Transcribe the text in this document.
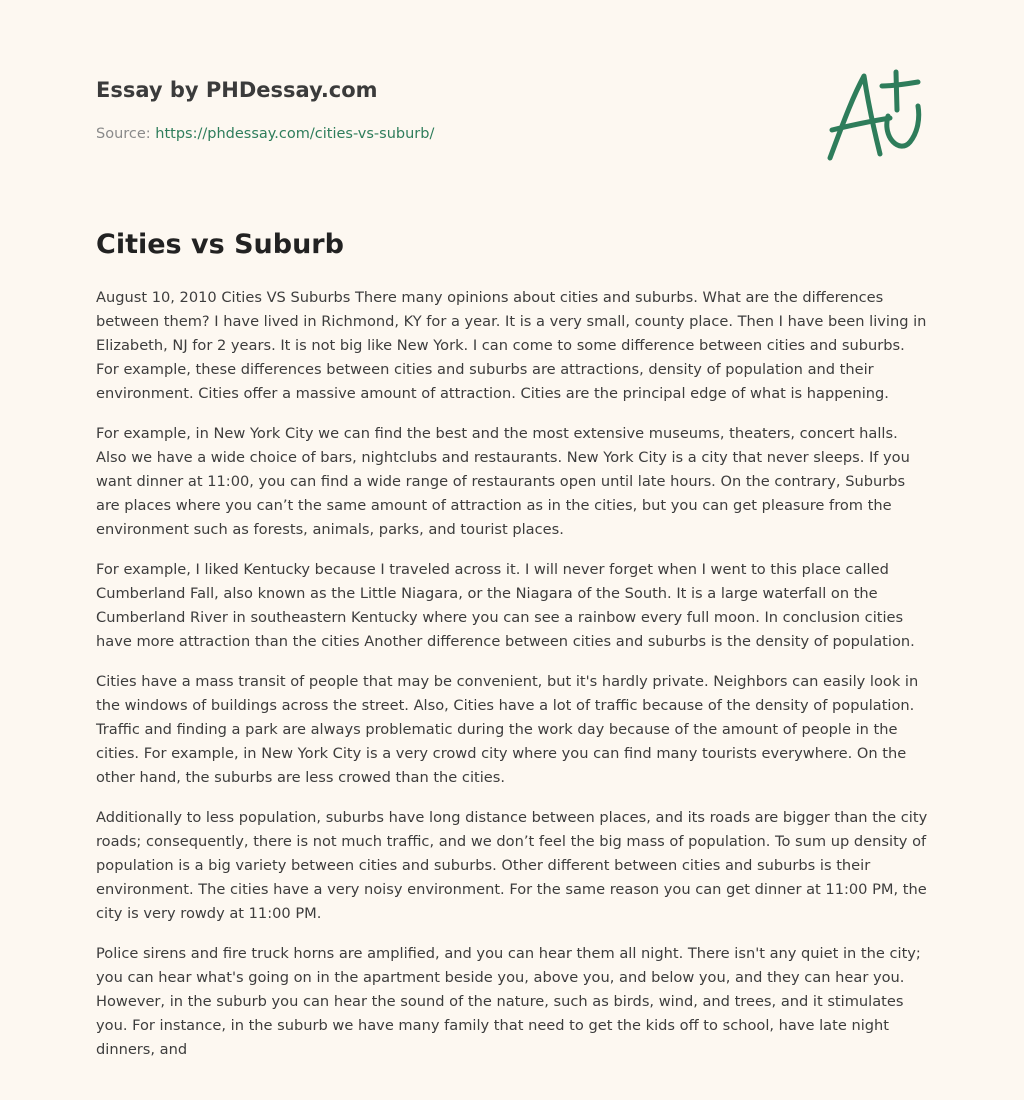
Essay by PHDessay.com
Source: https://phdessay.com/cities-vs-suburb/
Cities vs Suburb

August 10, 2010 Cities VS Suburbs There many opinions about cities and suburbs. What are the differences between them? I have lived in Richmond, KY for a year. It is a very small, county place. Then I have been living in Elizabeth, NJ for 2 years. It is not big like New York. I can come to some difference between cities and suburbs. For example, these differences between cities and suburbs are attractions, density of population and their environment. Cities offer a massive amount of attraction. Cities are the principal edge of what is happening.

For example, in New York City we can find the best and the most extensive museums, theaters, concert halls. Also we have a wide choice of bars, nightclubs and restaurants. New York City is a city that never sleeps. If you want dinner at 11:00, you can find a wide range of restaurants open until late hours. On the contrary, Suburbs are places where you can’t the same amount of attraction as in the cities, but you can get pleasure from the environment such as forests, animals, parks, and tourist places.

For example, I liked Kentucky because I traveled across it. I will never forget when I went to this place called Cumberland Fall, also known as the Little Niagara, or the Niagara of the South. It is a large waterfall on the Cumberland River in southeastern Kentucky where you can see a rainbow every full moon. In conclusion cities have more attraction than the cities Another difference between cities and suburbs is the density of population.

Cities have a mass transit of people that may be convenient, but it's hardly private. Neighbors can easily look in the windows of buildings across the street. Also, Cities have a lot of traffic because of the density of population. Traffic and finding a park are always problematic during the work day because of the amount of people in the cities. For example, in New York City is a very crowd city where you can find many tourists everywhere. On the other hand, the suburbs are less crowed than the cities.

Additionally to less population, suburbs have long distance between places, and its roads are bigger than the city roads; consequently, there is not much traffic, and we don’t feel the big mass of population. To sum up density of population is a big variety between cities and suburbs. Other different between cities and suburbs is their environment. The cities have a very noisy environment. For the same reason you can get dinner at 11:00 PM, the city is very rowdy at 11:00 PM.

Police sirens and fire truck horns are amplified, and you can hear them all night. There isn't any quiet in the city; you can hear what's going on in the apartment beside you, above you, and below you, and they can hear you. However, in the suburb you can hear the sound of the nature, such as birds, wind, and trees, and it stimulates you. For instance, in the suburb we have many family that need to get the kids off to school, have late night dinners, and
